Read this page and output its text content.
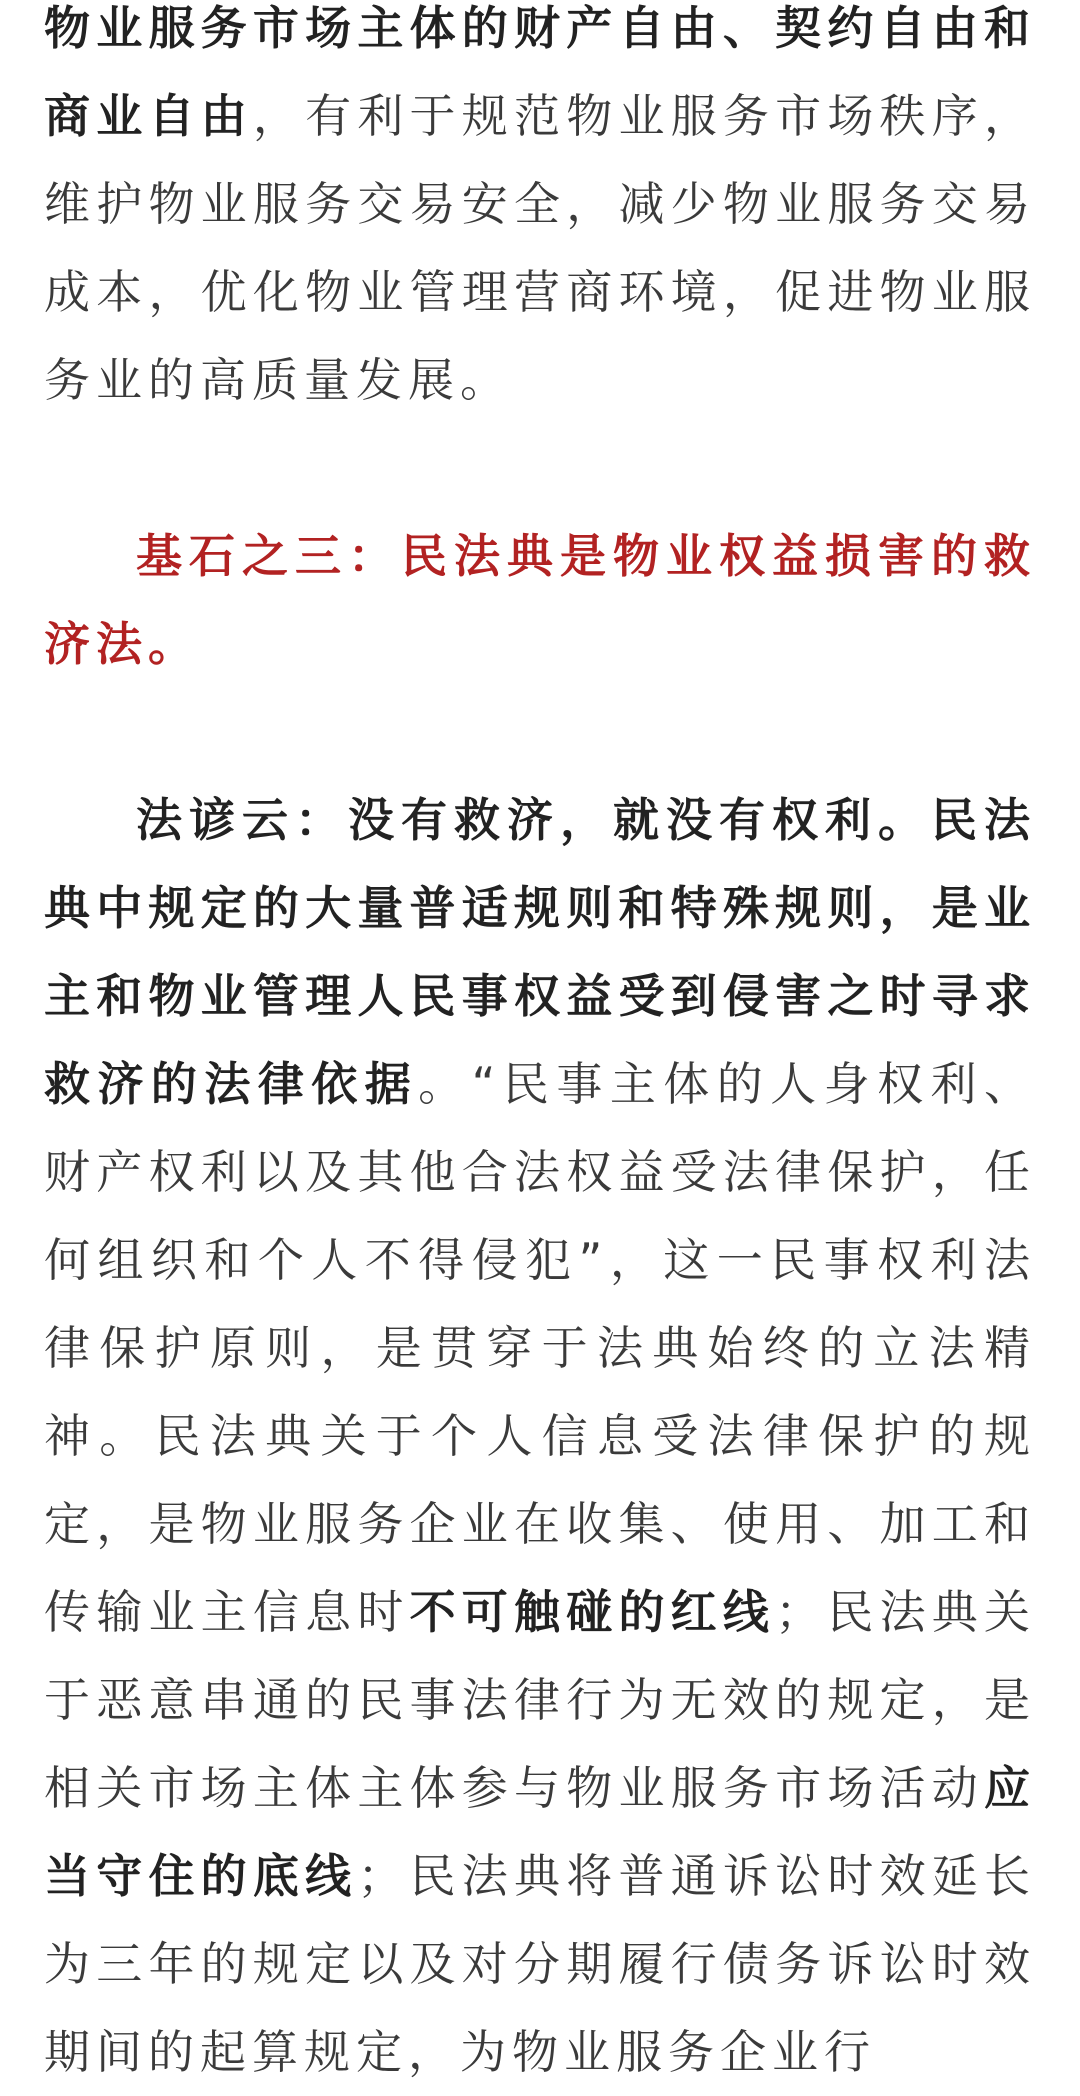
物业服务市场主体的财产自由、契约自由和商业自由，有利于规范物业服务市场秩序，维护物业服务交易安全，减少物业服务交易成本，优化物业管理营商环境，促进物业服务业的高质量发展。

基石之三：民法典是物业权益损害的救济法。

法谚云：没有救济，就没有权利。民法典中规定的大量普适规则和特殊规则，是业主和物业管理人民事权益受到侵害之时寻求救济的法律依据。“民事主体的人身权利、财产权利以及其他合法权益受法律保护，任何组织和个人不得侵犯”，这一民事权利法律保护原则，是贯穿于法典始终的立法精神。民法典关于个人信息受法律保护的规定，是物业服务企业在收集、使用、加工和传输业主信息时不可触碰的红线；民法典关于恶意串通的民事法律行为无效的规定，是相关市场主体主体参与物业服务市场活动应当守住的底线；民法典将普通诉讼时效延长为三年的规定以及对分期履行债务诉讼时效期间的起算规定，为物业服务企业行
